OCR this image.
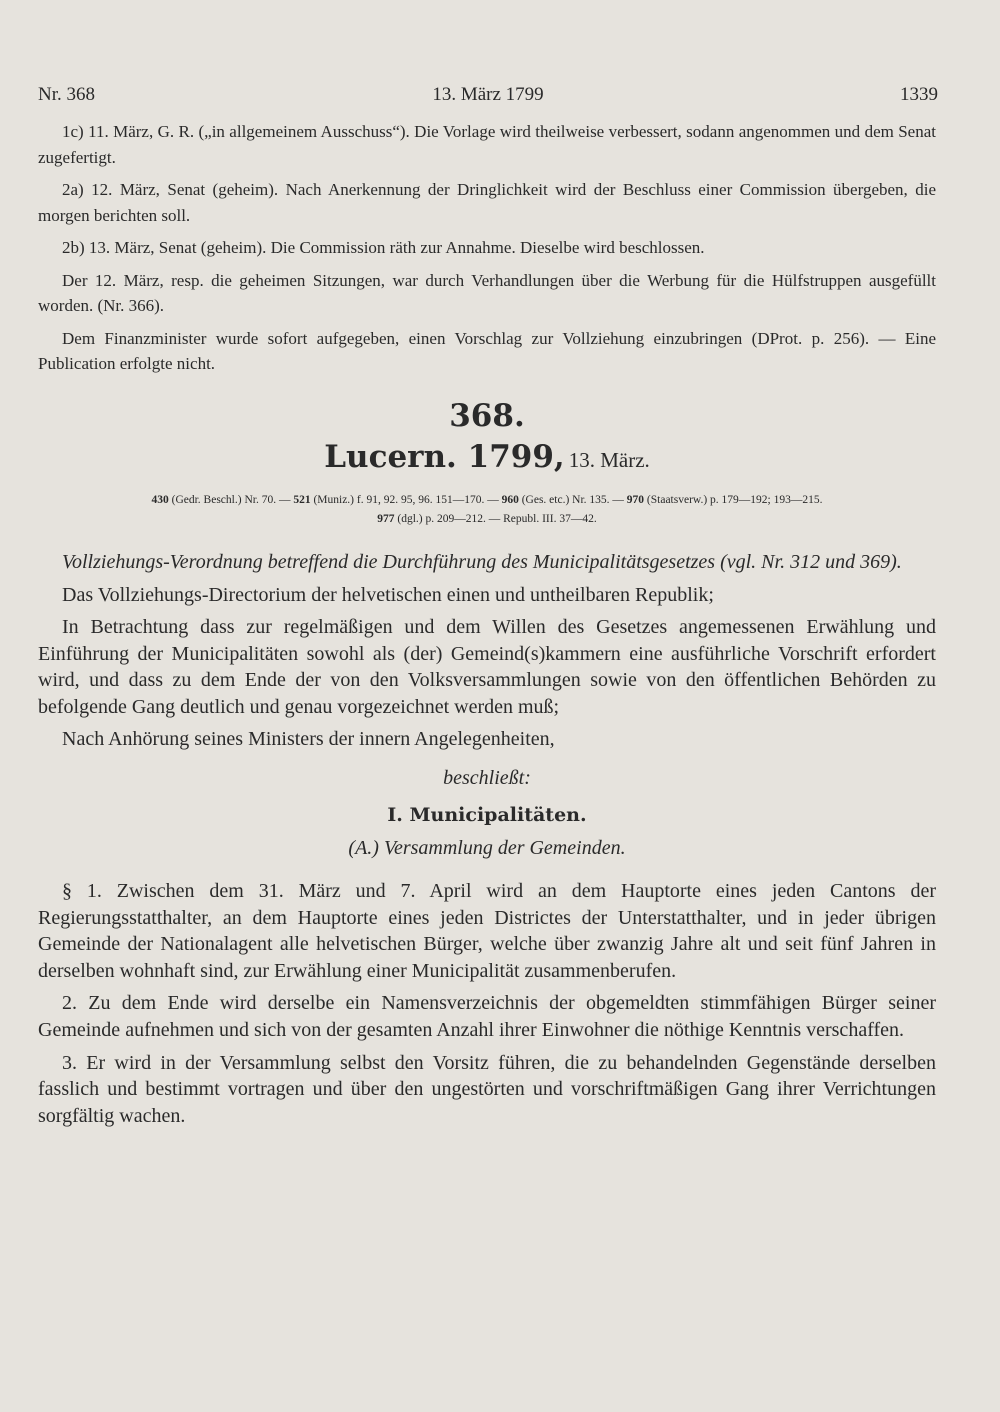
Nr. 368	13. März 1799	1339

1c) 11. März, G. R. („in allgemeinem Ausschuss“). Die Vorlage wird theilweise verbessert, sodann angenommen und dem Senat zugefertigt.

2a) 12. März, Senat (geheim). Nach Anerkennung der Dringlichkeit wird der Beschluss einer Commission übergeben, die morgen berichten soll.

2b) 13. März, Senat (geheim). Die Commission räth zur Annahme. Dieselbe wird beschlossen.

Der 12. März, resp. die geheimen Sitzungen, war durch Verhandlungen über die Werbung für die Hülfstruppen ausgefüllt worden. (Nr. 366).

Dem Finanzminister wurde sofort aufgegeben, einen Vorschlag zur Vollziehung einzubringen (DProt. p. 256). — Eine Publication erfolgte nicht.

368.
Lucern. 1799, 13. März.
430 (Gedr. Beschl.) Nr. 70. — 521 (Muniz.) f. 91, 92. 95, 96. 151—170. — 960 (Ges. etc.) Nr. 135. — 970 (Staatsverw.) p. 179—192; 193—215.
977 (dgl.) p. 209—212. — Republ. III. 37—42.

Vollziehungs-Verordnung betreffend die Durchführung des Municipalitätsgesetzes (vgl. Nr. 312 und 369).

Das Vollziehungs-Directorium der helvetischen einen und untheilbaren Republik;

In Betrachtung dass zur regelmäßigen und dem Willen des Gesetzes angemessenen Erwählung und Einführung der Municipalitäten sowohl als (der) Gemeind(s)kammern eine ausführliche Vorschrift erfordert wird, und dass zu dem Ende der von den Volksversammlungen sowie von den öffentlichen Behörden zu befolgende Gang deutlich und genau vorgezeichnet werden muß;

Nach Anhörung seines Ministers der innern Angelegenheiten,

beschließt:
I. Municipalitäten.
(A.) Versammlung der Gemeinden.

§ 1. Zwischen dem 31. März und 7. April wird an dem Hauptorte eines jeden Cantons der Regierungsstatthalter, an dem Hauptorte eines jeden Districtes der Unterstatthalter, und in jeder übrigen Gemeinde der Nationalagent alle helvetischen Bürger, welche über zwanzig Jahre alt und seit fünf Jahren in derselben wohnhaft sind, zur Erwählung einer Municipalität zusammenberufen.

2. Zu dem Ende wird derselbe ein Namensverzeichnis der obgemeldten stimmfähigen Bürger seiner Gemeinde aufnehmen und sich von der gesamten Anzahl ihrer Einwohner die nöthige Kenntnis verschaffen.

3. Er wird in der Versammlung selbst den Vorsitz führen, die zu behandelnden Gegenstände derselben fasslich und bestimmt vortragen und über den ungestörten und vorschriftmäßigen Gang ihrer Verrichtungen sorgfältig wachen.
